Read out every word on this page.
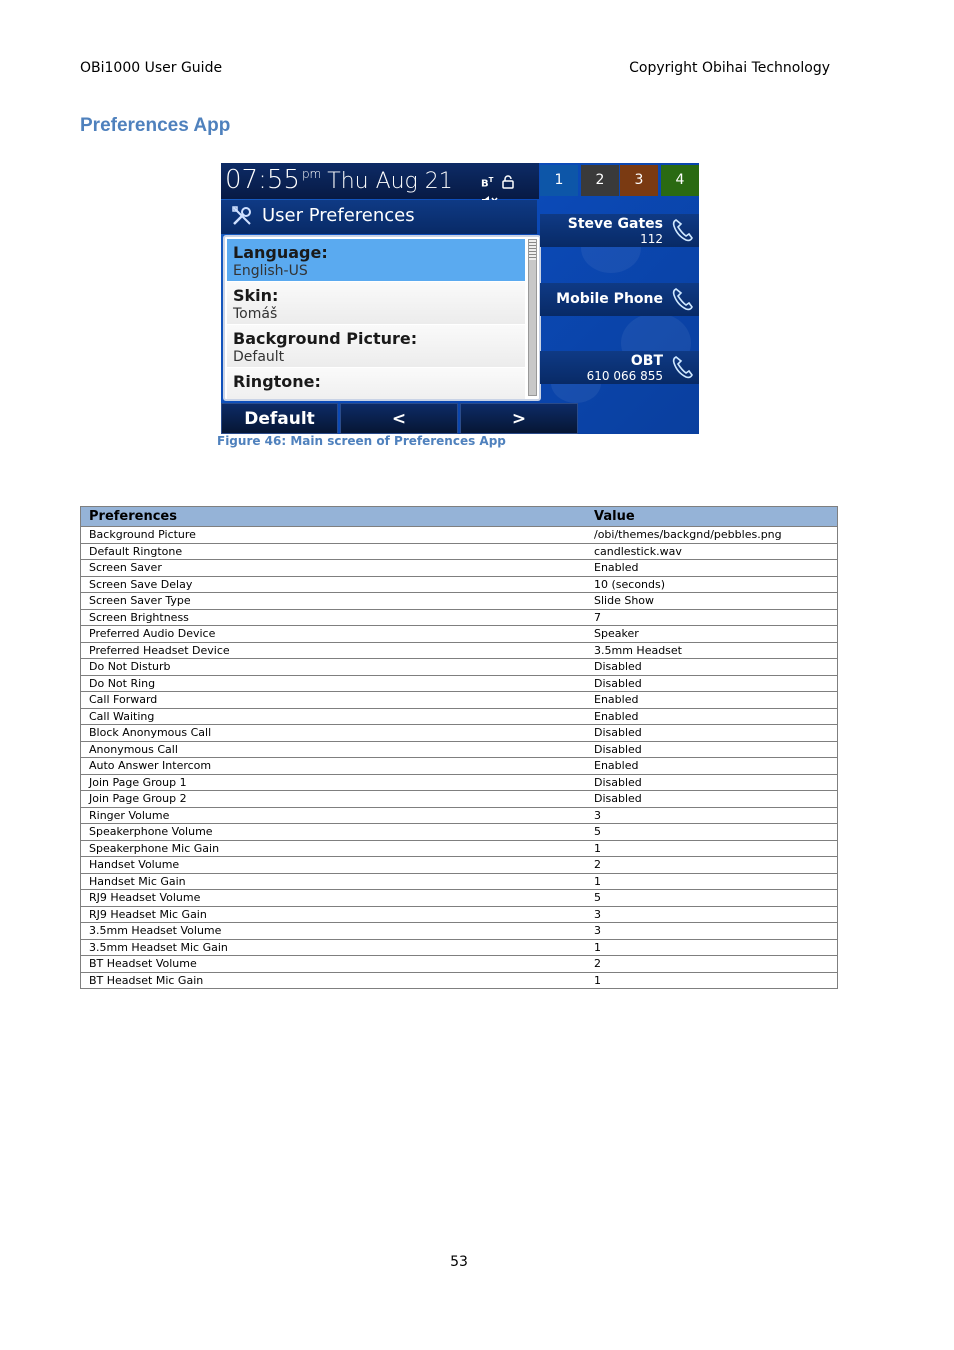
OBi1000 User Guide	Copyright Obihai Technology
Preferences App
07:55 $^{pm}$ Thu Aug 21	$B^T$	1	2	3	4
User Preferences
Language:
English-US
Skin:
Tomáš
Background Picture:
Default
Ringtone:
Default	<	>
Steve Gates
112
Mobile Phone
OBT
610 066 855
Figure 46: Main screen of Preferences App
Preferences	Value
Background Picture	/obi/themes/backgnd/pebbles.png
Default Ringtone	candlestick.wav
Screen Saver	Enabled
Screen Save Delay	10 (seconds)
Screen Saver Type	Slide Show
Screen Brightness	7
Preferred Audio Device	Speaker
Preferred Headset Device	3.5mm Headset
Do Not Disturb	Disabled
Do Not Ring	Disabled
Call Forward	Enabled
Call Waiting	Enabled
Block Anonymous Call	Disabled
Anonymous Call	Disabled
Auto Answer Intercom	Enabled
Join Page Group 1	Disabled
Join Page Group 2	Disabled
Ringer Volume	3
Speakerphone Volume	5
Speakerphone Mic Gain	1
Handset Volume	2
Handset Mic Gain	1
RJ9 Headset Volume	5
RJ9 Headset Mic Gain	3
3.5mm Headset Volume	3
3.5mm Headset Mic Gain	1
BT Headset Volume	2
BT Headset Mic Gain	1
53
